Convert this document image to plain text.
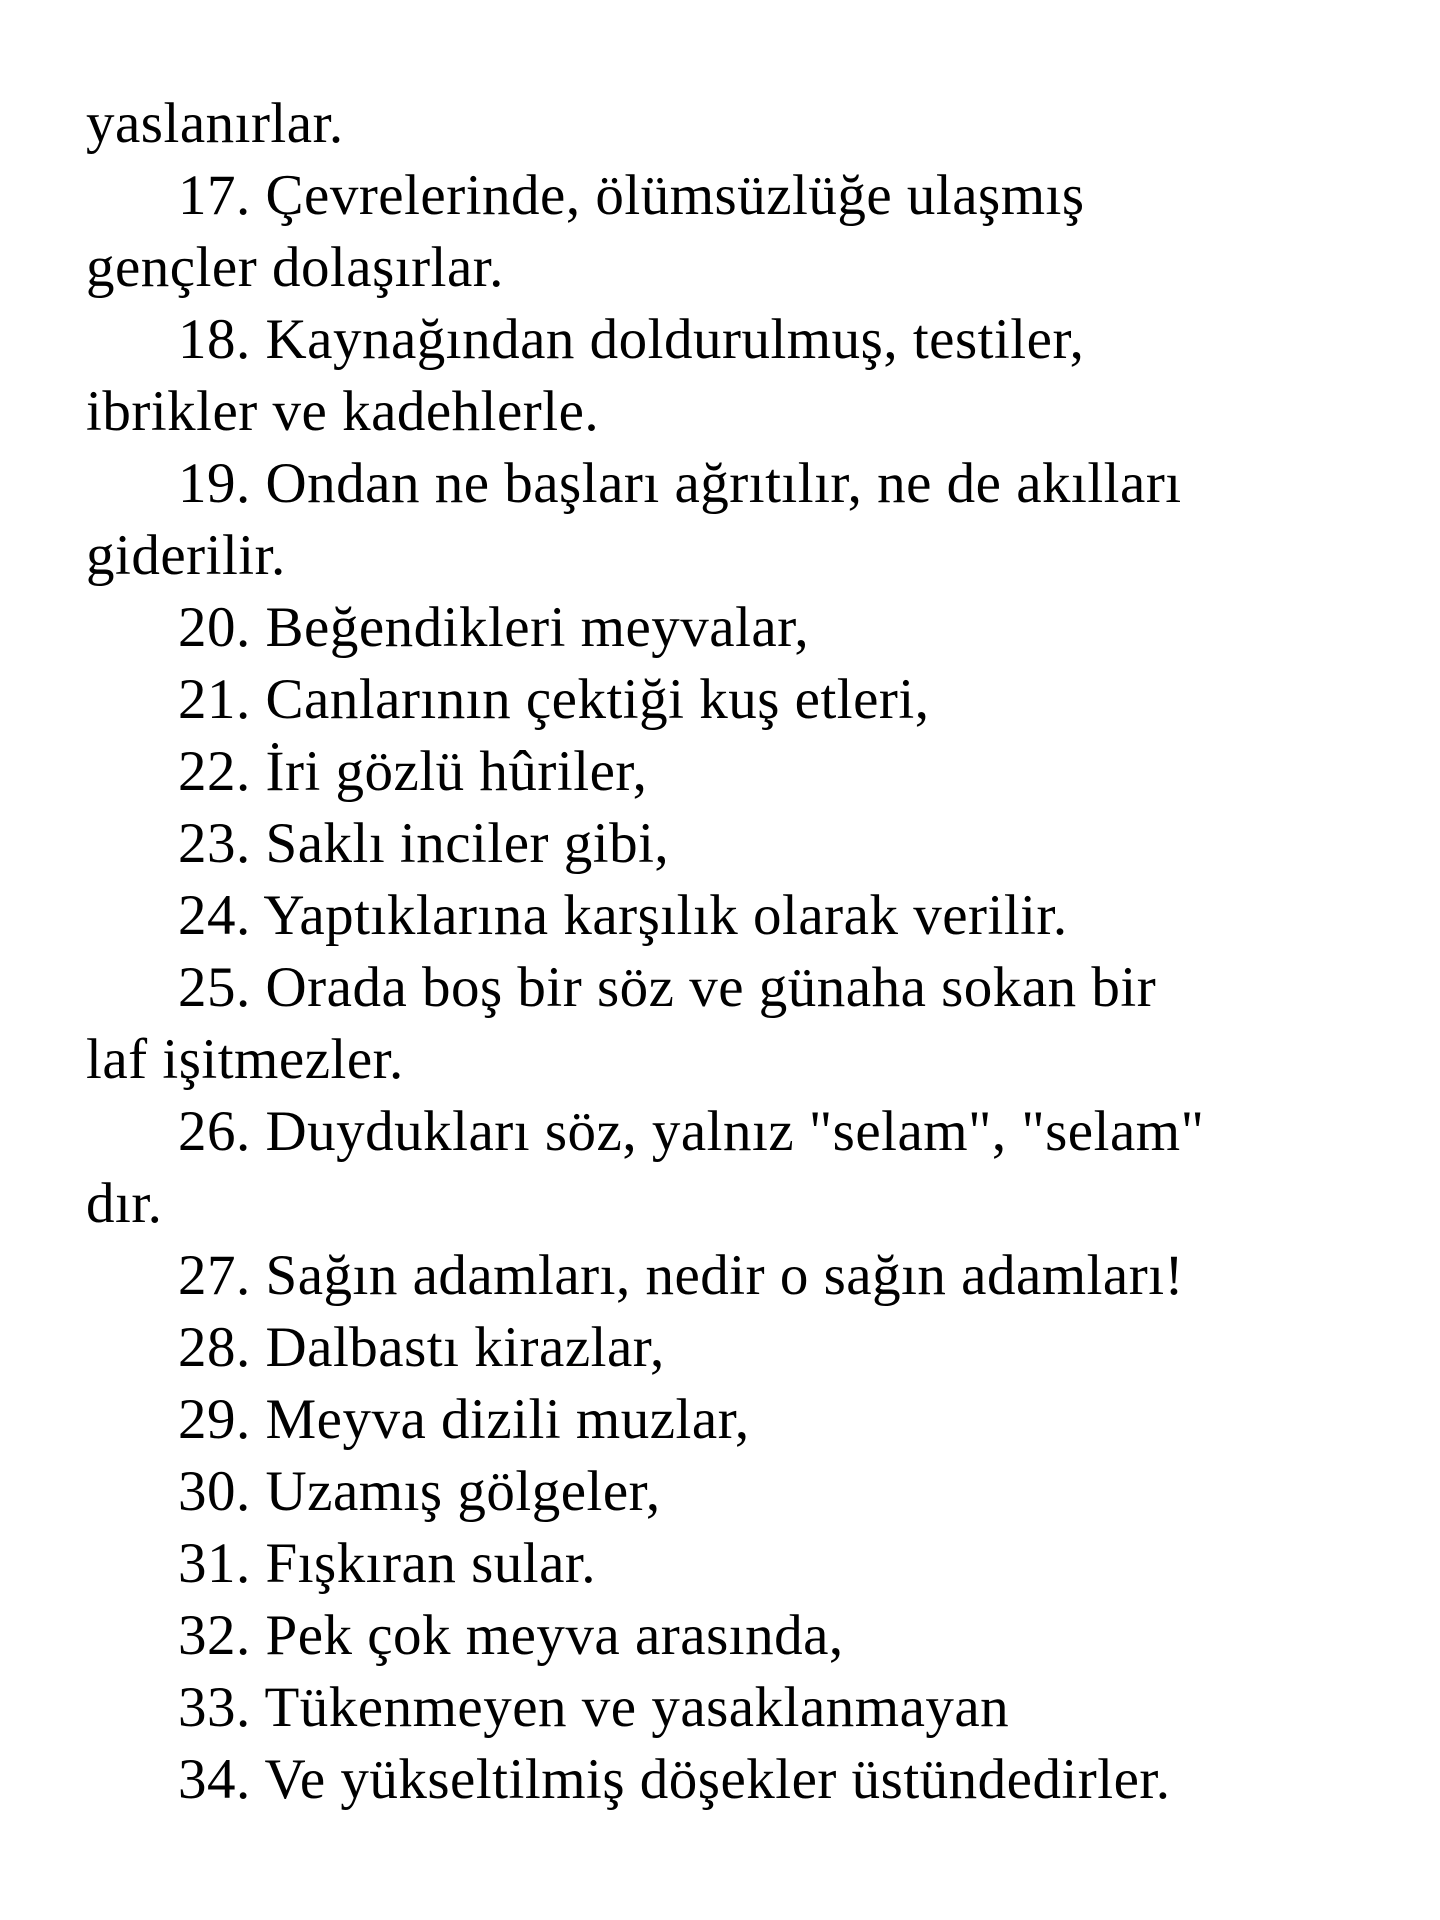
yaslanırlar.
17. Çevrelerinde, ölümsüzlüğe ulaşmış
gençler dolaşırlar.
18. Kaynağından doldurulmuş, testiler,
ibrikler ve kadehlerle.
19. Ondan ne başları ağrıtılır, ne de akılları
giderilir.
20. Beğendikleri meyvalar,
21. Canlarının çektiği kuş etleri,
22. İri gözlü hûriler,
23. Saklı inciler gibi,
24. Yaptıklarına karşılık olarak verilir.
25. Orada boş bir söz ve günaha sokan bir
laf işitmezler.
26. Duydukları söz, yalnız "selam", "selam"
dır.
27. Sağın adamları, nedir o sağın adamları!
28. Dalbastı kirazlar,
29. Meyva dizili muzlar,
30. Uzamış gölgeler,
31. Fışkıran sular.
32. Pek çok meyva arasında,
33. Tükenmeyen ve yasaklanmayan
34. Ve yükseltilmiş döşekler üstündedirler.
